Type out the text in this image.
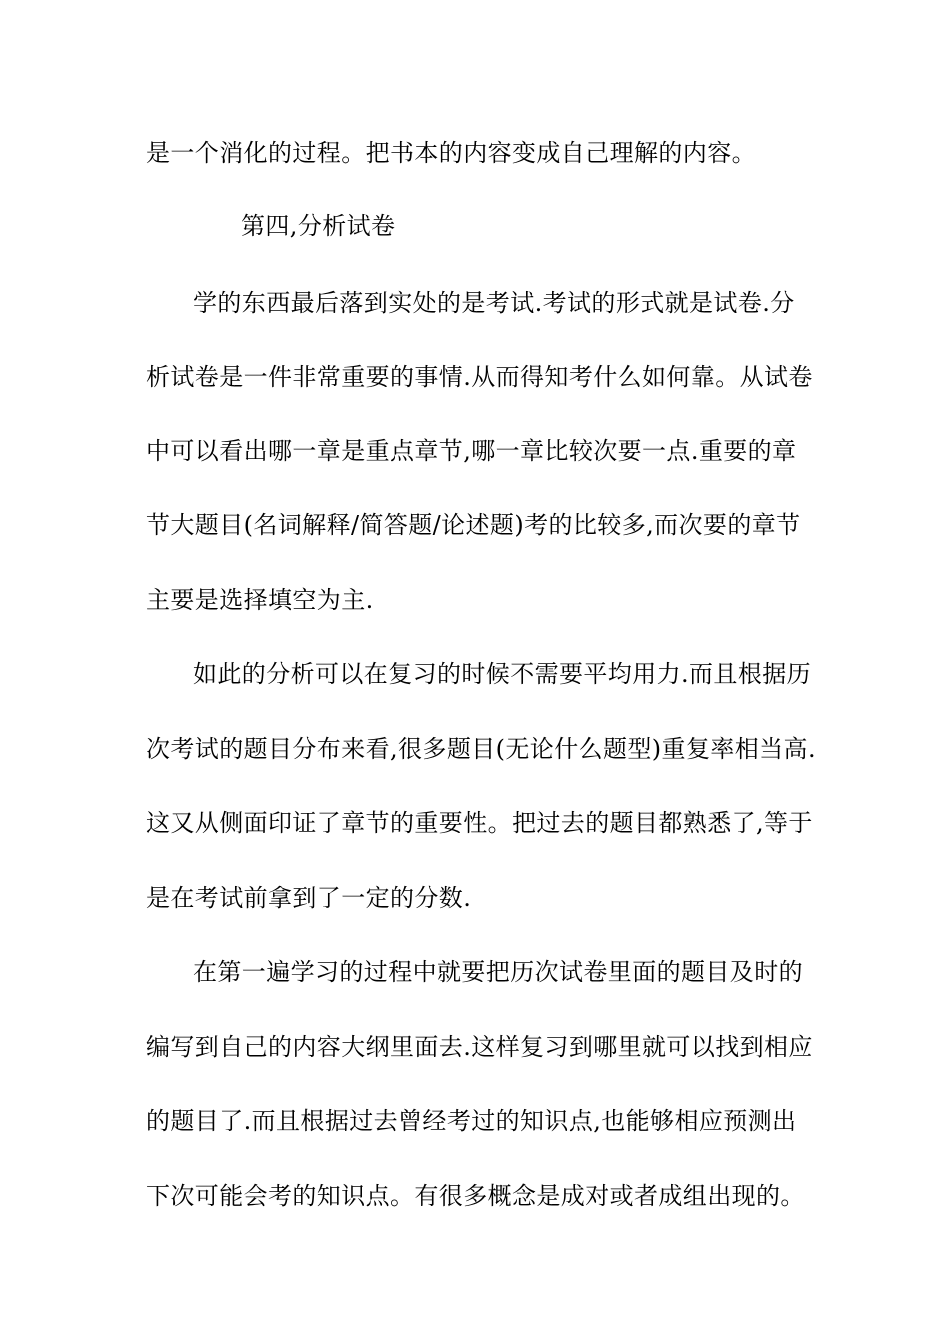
是一个消化的过程。把书本的内容变成自己理解的内容。
第四,分析试卷
学的东西最后落到实处的是考试.考试的形式就是试卷.分
析试卷是一件非常重要的事情.从而得知考什么如何靠。从试卷
中可以看出哪一章是重点章节,哪一章比较次要一点.重要的章
节大题目(名词解释/简答题/论述题)考的比较多,而次要的章节
主要是选择填空为主.
如此的分析可以在复习的时候不需要平均用力.而且根据历
次考试的题目分布来看,很多题目(无论什么题型)重复率相当高.
这又从侧面印证了章节的重要性。把过去的题目都熟悉了,等于
是在考试前拿到了一定的分数.
在第一遍学习的过程中就要把历次试卷里面的题目及时的
编写到自己的内容大纲里面去.这样复习到哪里就可以找到相应
的题目了.而且根据过去曾经考过的知识点,也能够相应预测出
下次可能会考的知识点。有很多概念是成对或者成组出现的。
